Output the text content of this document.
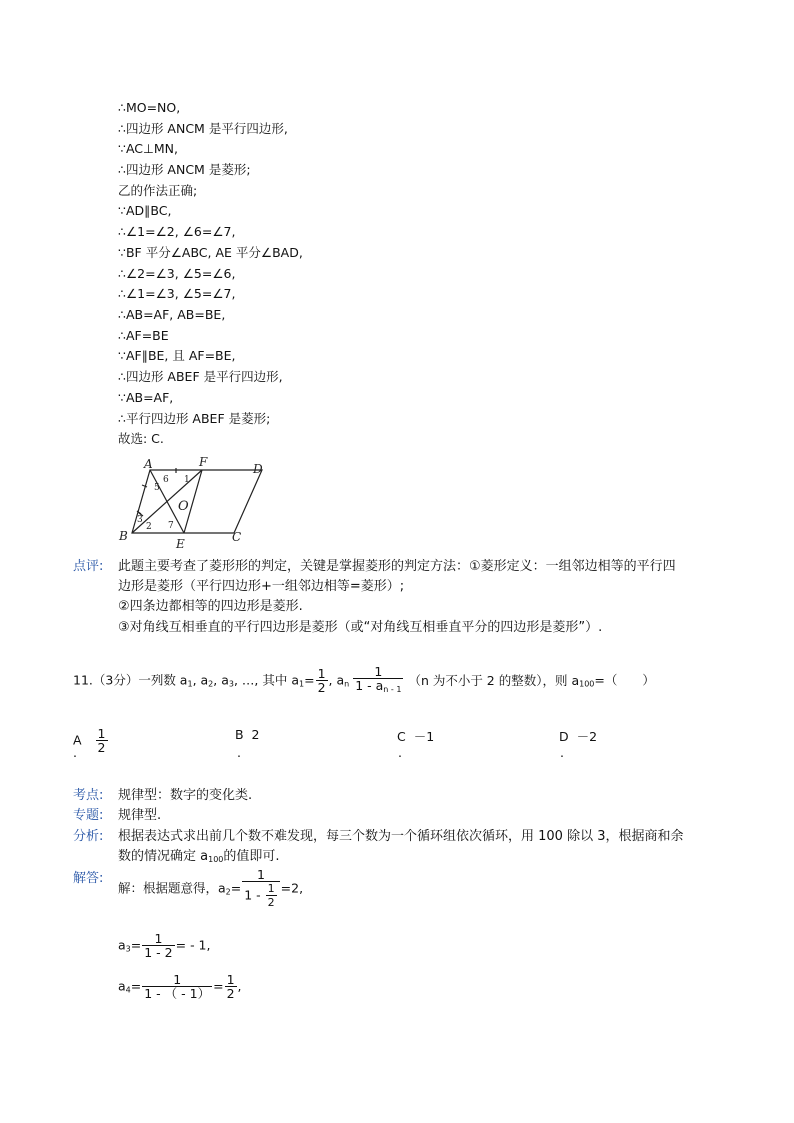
∴MO=NO,
∴四边形 ANCM 是平行四边形,
∵AC⊥MN,
∴四边形 ANCM 是菱形;
乙的作法正确;
∵AD∥BC,
∴∠1=∠2, ∠6=∠7,
∵BF 平分∠ABC, AE 平分∠BAD,
∴∠2=∠3, ∠5=∠6,
∴∠1=∠3, ∠5=∠7,
∴AB=AF, AB=BE,
∴AF=BE
∵AF∥BE, 且 AF=BE,
∴四边形 ABEF 是平行四边形,
∵AB=AF,
∴平行四边形 ABEF 是菱形;
故选: C.
A	F	D
B
E	C
O
1
2
3
5
6
7
点评: 此题主要考查了菱形形的判定，关键是掌握菱形的判定方法：①菱形定义：一组邻边相等的平行四
边形是菱形（平行四边形+一组邻边相等=菱形）;
②四条边都相等的四边形是菱形.
③对角线互相垂直的平行四边形是菱形（或“对角线互相垂直平分的四边形是菱形”）.
11.（3分）一列数 $a_1$, $a_2$, $a_3$, …, 其中 $a_1= \frac{1}{2}$ , $a_n \frac{1}{1 - a_{n - 1}} (n$ 为不小于 2 的整数），则 $a_{100}=$（　　）
A $\frac{1}{2}$
.
B 2
.
C －1
.
D －2
.
考点: 规律型：数字的变化类.
专题: 规律型.
分析: 根据表达式求出前几个数不难发现，每三个数为一个循环组依次循环，用 100 除以 3，根据商和余
数的情况确定 $a_{100}$的值即可.
解答:
解：根据题意得，$a_2= \frac{1}{1 - \frac{1}{2}} =2$,
$a_3= \frac{1}{1 - 2}$ = - 1,
$a_4= \frac{1}{1 - ( - 1)} = \frac{1}{2}$ ,
